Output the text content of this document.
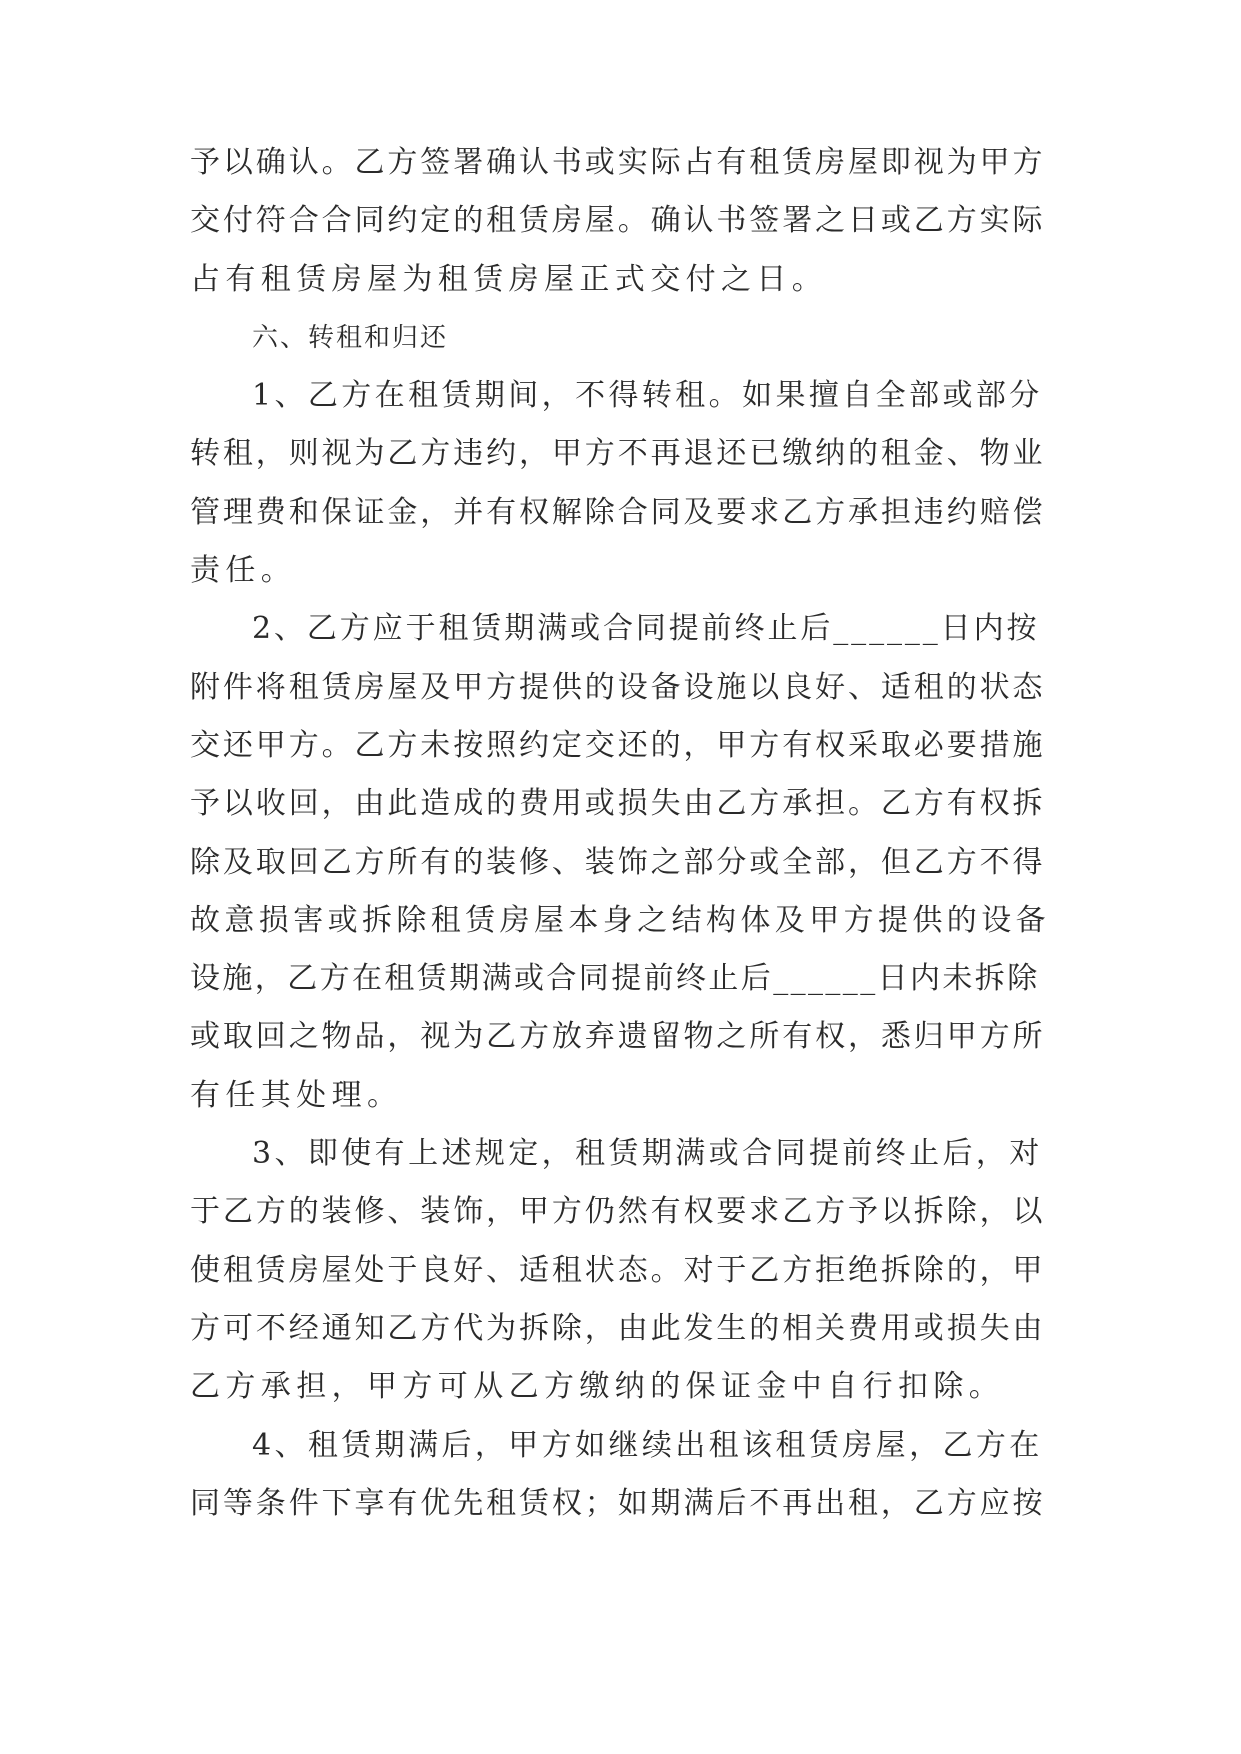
予以确认。乙方签署确认书或实际占有租赁房屋即视为甲方
交付符合合同约定的租赁房屋。确认书签署之日或乙方实际
占有租赁房屋为租赁房屋正式交付之日。
六、转租和归还
1、乙方在租赁期间，不得转租。如果擅自全部或部分
转租，则视为乙方违约，甲方不再退还已缴纳的租金、物业
管理费和保证金，并有权解除合同及要求乙方承担违约赔偿
责任。
2、乙方应于租赁期满或合同提前终止后______日内按
附件将租赁房屋及甲方提供的设备设施以良好、适租的状态
交还甲方。乙方未按照约定交还的，甲方有权采取必要措施
予以收回，由此造成的费用或损失由乙方承担。乙方有权拆
除及取回乙方所有的装修、装饰之部分或全部，但乙方不得
故意损害或拆除租赁房屋本身之结构体及甲方提供的设备
设施，乙方在租赁期满或合同提前终止后______日内未拆除
或取回之物品，视为乙方放弃遗留物之所有权，悉归甲方所
有任其处理。
3、即使有上述规定，租赁期满或合同提前终止后，对
于乙方的装修、装饰，甲方仍然有权要求乙方予以拆除，以
使租赁房屋处于良好、适租状态。对于乙方拒绝拆除的，甲
方可不经通知乙方代为拆除，由此发生的相关费用或损失由
乙方承担，甲方可从乙方缴纳的保证金中自行扣除。
4、租赁期满后，甲方如继续出租该租赁房屋，乙方在
同等条件下享有优先租赁权；如期满后不再出租，乙方应按
